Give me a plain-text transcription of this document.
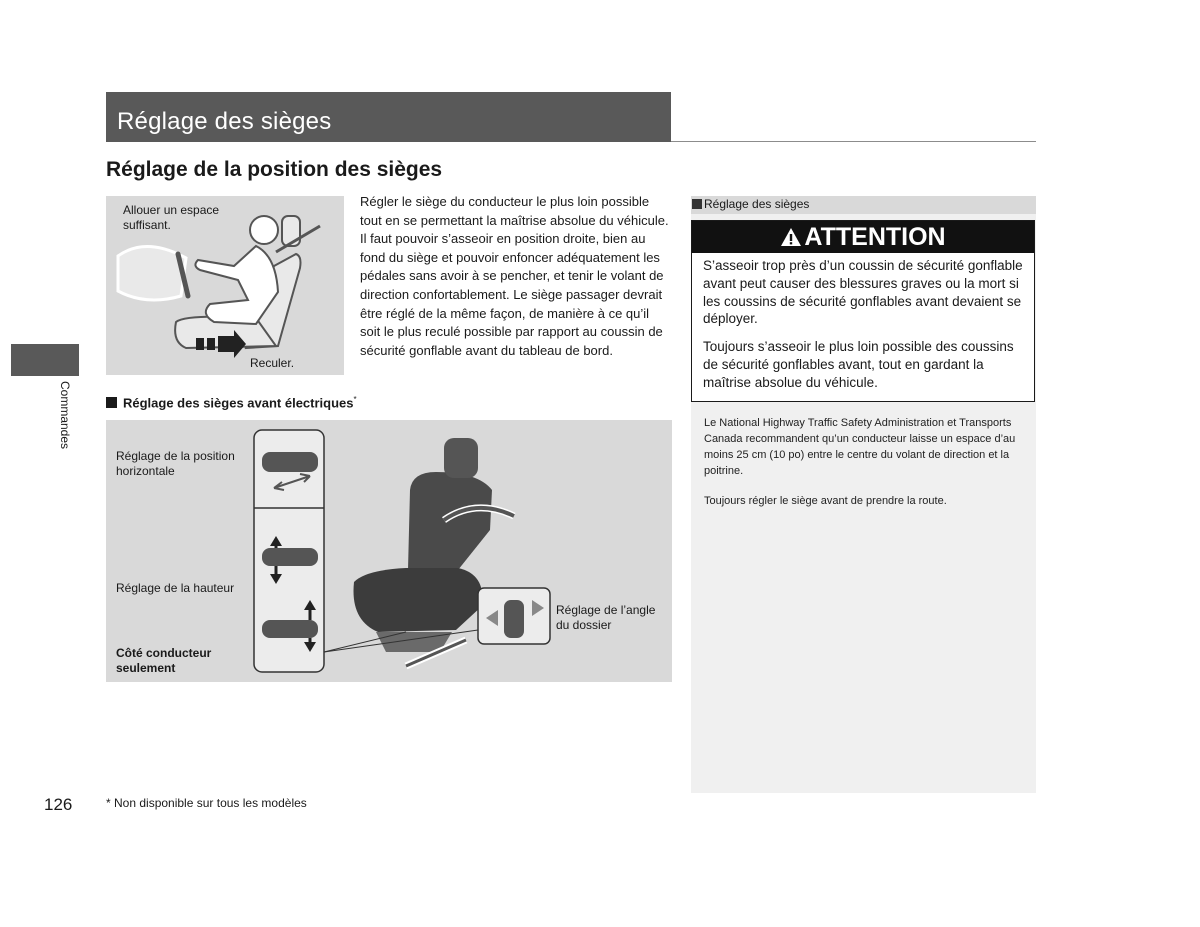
Réglage des sièges
Réglage de la position des sièges
Commandes
Allouer un espace suffisant.
Reculer.
Régler le siège du conducteur le plus loin possible tout en se permettant la maîtrise absolue du véhicule. Il faut pouvoir s’asseoir en position droite, bien au fond du siège et pouvoir enfoncer adéquatement les pédales sans avoir à se pencher, et tenir le volant de direction confortablement. Le siège passager devrait être réglé de la même façon, de manière à ce qu’il soit le plus reculé possible par rapport au coussin de sécurité gonflable avant du tableau de bord.
Réglage des sièges avant électriques*
Réglage de la position horizontale
Réglage de la hauteur
Côté conducteur seulement
Réglage de l’angle du dossier
Réglage des sièges
ATTENTION
S’asseoir trop près d’un coussin de sécurité gonflable avant peut causer des blessures graves ou la mort si les coussins de sécurité gonflables avant devaient se déployer.
Toujours s’asseoir le plus loin possible des coussins de sécurité gonflables avant, tout en gardant la maîtrise absolue du véhicule.
Le National Highway Traffic Safety Administration et Transports Canada recommandent qu’un conducteur laisse un espace d’au moins 25 cm (10 po) entre le centre du volant de direction et la poitrine.
Toujours régler le siège avant de prendre la route.
126	* Non disponible sur tous les modèles
